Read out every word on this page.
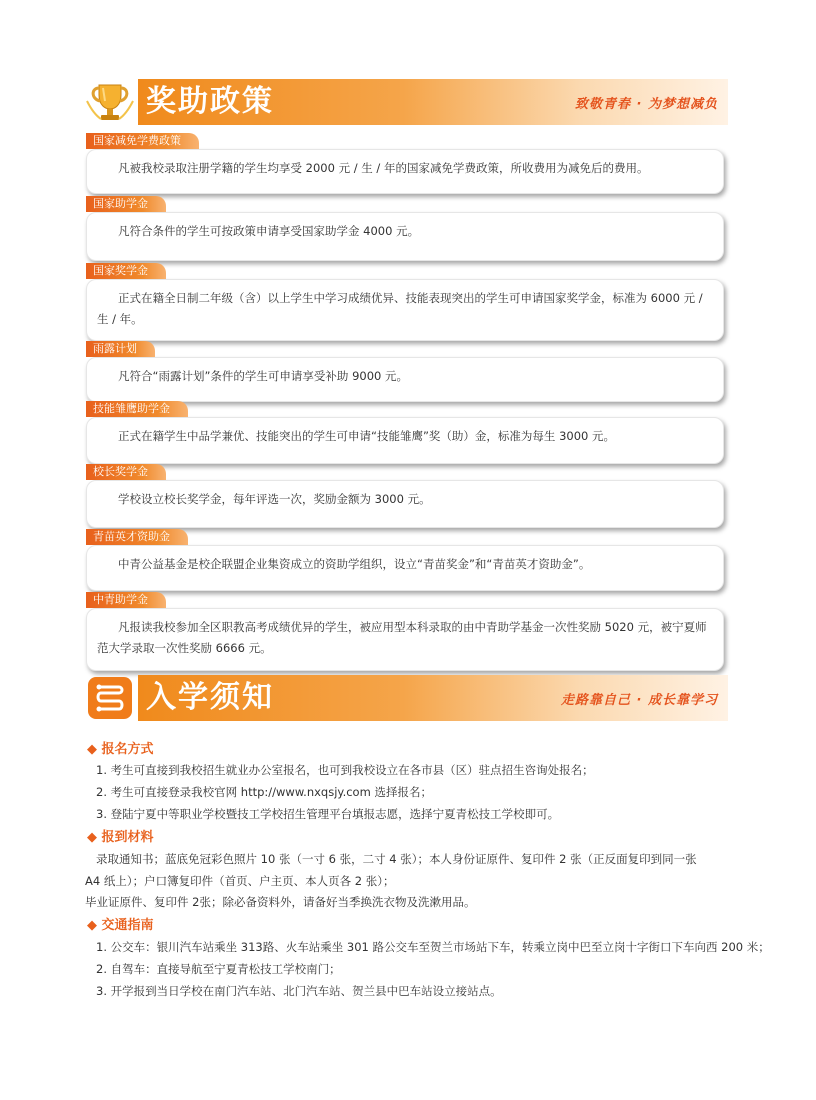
奖助政策	致敬青春 · 为梦想减负
国家减免学费政策
凡被我校录取注册学籍的学生均享受 2000 元 / 生 / 年的国家减免学费政策，所收费用为减免后的费用。
国家助学金
凡符合条件的学生可按政策申请享受国家助学金 4000 元。
国家奖学金
正式在籍全日制二年级（含）以上学生中学习成绩优异、技能表现突出的学生可申请国家奖学金，标准为 6000 元 / 生 / 年。
雨露计划
凡符合“雨露计划”条件的学生可申请享受补助 9000 元。
技能雏鹰助学金
正式在籍学生中品学兼优、技能突出的学生可申请“技能雏鹰”奖（助）金，标准为每生 3000 元。
校长奖学金
学校设立校长奖学金，每年评选一次，奖励金额为 3000 元。
青苗英才资助金
中青公益基金是校企联盟企业集资成立的资助学组织，设立“青苗奖金”和“青苗英才资助金”。
中青助学金
凡报读我校参加全区职教高考成绩优异的学生，被应用型本科录取的由中青助学基金一次性奖励 5020 元，被宁夏师范大学录取一次性奖励 6666 元。
入学须知	走路靠自己 · 成长靠学习
◆ 报名方式
1. 考生可直接到我校招生就业办公室报名，也可到我校设立在各市县（区）驻点招生咨询处报名；
2. 考生可直接登录我校官网 http://www.nxqsjy.com 选择报名；
3. 登陆宁夏中等职业学校暨技工学校招生管理平台填报志愿，选择宁夏青松技工学校即可。
◆ 报到材料
录取通知书；蓝底免冠彩色照片 10 张（一寸 6 张，二寸 4 张）；本人身份证原件、复印件 2 张（正反面复印到同一张
A4 纸上）；户口簿复印件（首页、户主页、本人页各 2 张）；
毕业证原件、复印件 2张；除必备资料外，请备好当季换洗衣物及洗漱用品。
◆ 交通指南
1. 公交车：银川汽车站乘坐 313路、火车站乘坐 301 路公交车至贺兰市场站下车，转乘立岗中巴至立岗十字街口下车向西 200 米；
2. 自驾车：直接导航至宁夏青松技工学校南门；
3. 开学报到当日学校在南门汽车站、北门汽车站、贺兰县中巴车站设立接站点。
